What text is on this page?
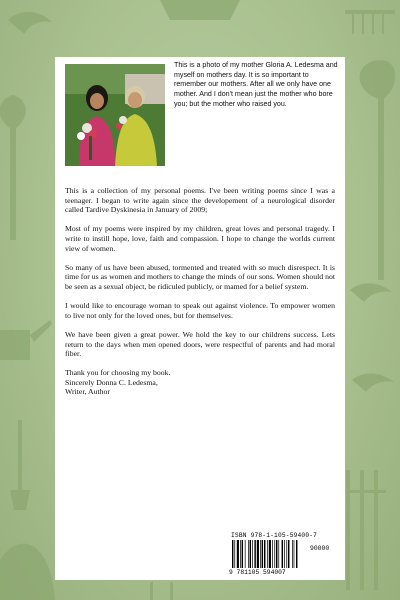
This is a photo of my mother Gloria A. Ledesma and myself on mothers day. It is so important to remember our mothers. After all we only have one mother. And I don't mean just the mother who bore you; but the mother who raised you.

This is a collection of my personal poems. I've been writing poems since I was a teenager. I began to write again since the developement of a neurological disorder called Tardive Dyskinesia in January of 2009;

Most of my poems were inspired by my children, great loves and personal tragedy. I write to instill hope, love, faith and compassion. I hope to change the worlds current view of women.

So many of us have been abused, tormented and treated with so much disrespect. It is time for us as women and mothers to change the minds of our sons. Women should not be seen as a sexual object, be ridiculed publicly, or mamed for a belief system.

I would like to encourage woman to speak out against violence. To empower women to live not only for the loved ones, but for themselves.

We have been given a great power. We hold the key to our childrens success. Lets return to the days when men opened doors, were respectful of parents and had moral fiber.

Thank you for choosing my book.
Sincerely Donna C. Ledesma,
Writer, Author
ISBN 978-1-105-59400-7
90000
9 781105 594007
